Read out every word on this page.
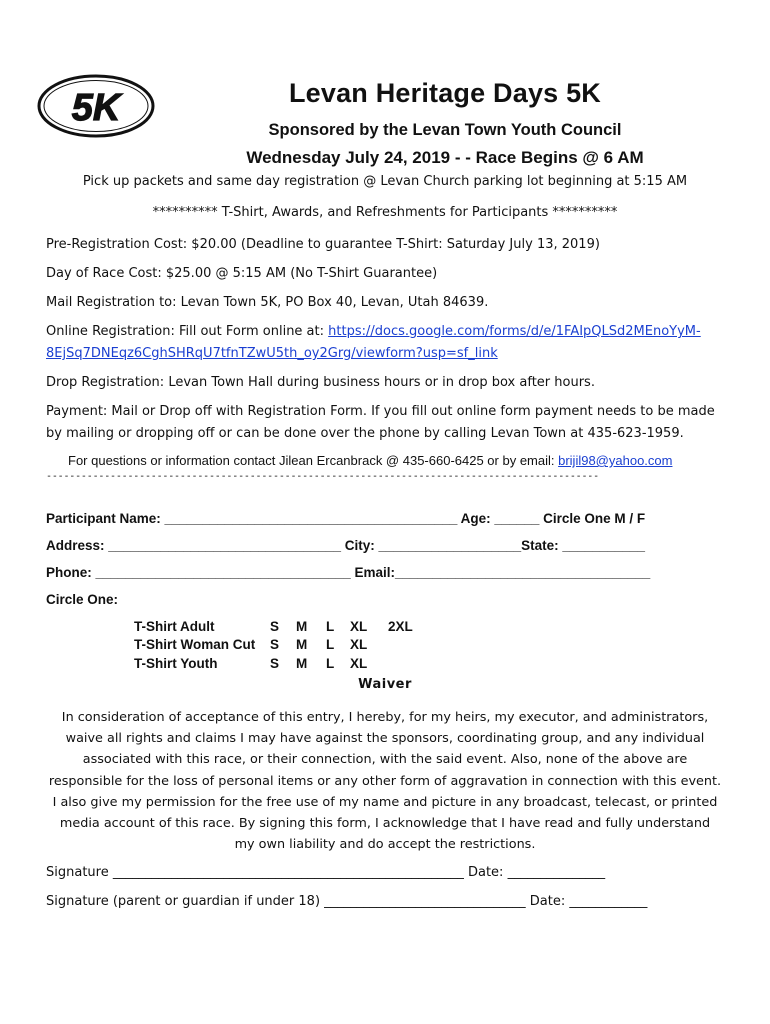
5K	Levan Heritage Days 5K
Sponsored by the Levan Town Youth Council
Wednesday July 24, 2019 - - Race Begins @ 6 AM
Pick up packets and same day registration @ Levan Church parking lot beginning at 5:15 AM
********** T-Shirt, Awards, and Refreshments for Participants **********
Pre-Registration Cost: $20.00 (Deadline to guarantee T-Shirt: Saturday July 13, 2019)
Day of Race Cost: $25.00 @ 5:15 AM (No T-Shirt Guarantee)
Mail Registration to: Levan Town 5K, PO Box 40, Levan, Utah 84639.
Online Registration: Fill out Form online at: https://docs.google.com/forms/d/e/1FAIpQLSd2MEnoYyM-
8EjSq7DNEqz6CghSHRqU7tfnTZwU5th_oy2Grg/viewform?usp=sf_link
Drop Registration: Levan Town Hall during business hours or in drop box after hours.
Payment: Mail or Drop off with Registration Form. If you fill out online form payment needs to be made
by mailing or dropping off or can be done over the phone by calling Levan Town at 435-623-1959.
For questions or information contact Jilean Ercanbrack @ 435-660-6425 or by email: brijil98@yahoo.com
-----------------------------------------------------------------------------------------------
Participant Name: _______________________________________ Age: ______ Circle One M / F
Address: _______________________________ City: ___________________State: ___________
Phone: __________________________________ Email:__________________________________
Circle One:
T-Shirt Adult	S	M	L	XL	2XL
T-Shirt Woman Cut	S	M	L	XL	
T-Shirt Youth	S	M	L	XL	
Waiver
In consideration of acceptance of this entry, I hereby, for my heirs, my executor, and administrators,
waive all rights and claims I may have against the sponsors, coordinating group, and any individual
associated with this race, or their connection, with the said event. Also, none of the above are
responsible for the loss of personal items or any other form of aggravation in connection with this event.
I also give my permission for the free use of my name and picture in any broadcast, telecast, or printed
media account of this race. By signing this form, I acknowledge that I have read and fully understand
my own liability and do accept the restrictions.
Signature ______________________________________________________ Date: _______________
Signature (parent or guardian if under 18) _______________________________ Date: ____________
